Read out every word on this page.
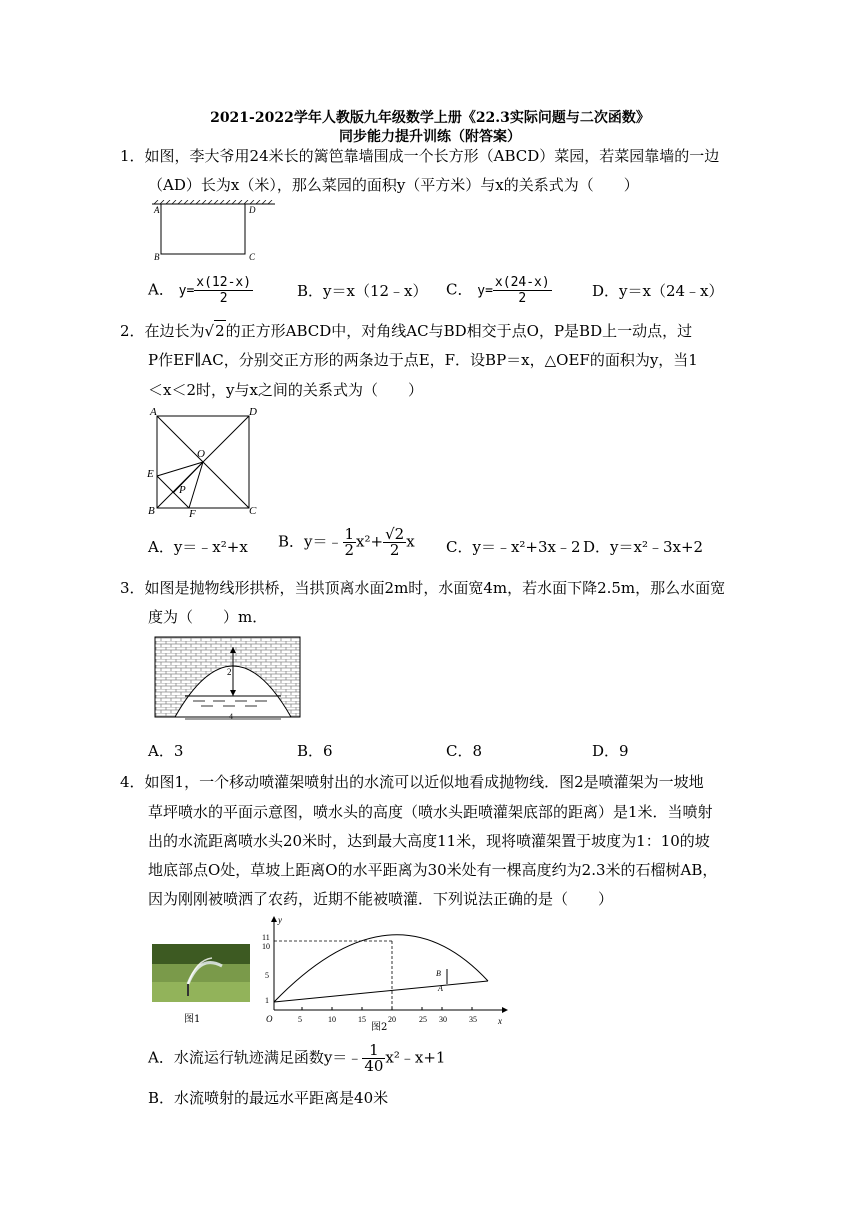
2021-2022学年人教版九年级数学上册《22.3实际问题与二次函数》
同步能力提升训练（附答案）
1．如图，李大爷用24米长的篱笆靠墙围成一个长方形（ABCD）菜园，若菜园靠墙的一边
（AD）长为x（米），那么菜园的面积y（平方米）与x的关系式为（　　）
A	D
B	C
A． $y= \frac{x(12-x)}{2}$	B．y＝x（12﹣x） C． $y= \frac{x(24-x)}{2}$	D．y＝x（24﹣x）
2．在边长为√2的正方形ABCD中，对角线AC与BD相交于点O，P是BD上一动点，过
P作EF∥AC，分别交正方形的两条边于点E，F．设BP＝x，△OEF的面积为y，当1
＜x＜2时，y与x之间的关系式为（　　）
A	D
B	C
E
F
O
P
A．y＝﹣x²+x B．y＝﹣ $\frac{1}{2} x^2+ \frac{√2}{2}$ x C．y＝﹣x²+3x﹣2 D．y＝x²﹣3x+2
3．如图是抛物线形拱桥，当拱顶离水面2m时，水面宽4m，若水面下降2.5m，那么水面宽
度为（　　）m．
2
4
A．3	B．6	C．8	D．9
4．如图1，一个移动喷灌架喷射出的水流可以近似地看成抛物线．图2是喷灌架为一坡地
草坪喷水的平面示意图，喷水头的高度（喷水头距喷灌架底部的距离）是1米．当喷射
出的水流距离喷水头20米时，达到最大高度11米，现将喷灌架置于坡度为1：10的坡
地底部点O处，草坡上距离O的水平距离为30米处有一棵高度约为2.3米的石榴树AB，
因为刚刚被喷洒了农药，近期不能被喷灌．下列说法正确的是（　　）
图1
y
x
O
11
10
5
1
5	10	15	20	25 30	35
B
A
图2
A．水流运行轨迹满足函数y＝﹣ $\frac{1}{40}$ x²﹣x+1
B．水流喷射的最远水平距离是40米
